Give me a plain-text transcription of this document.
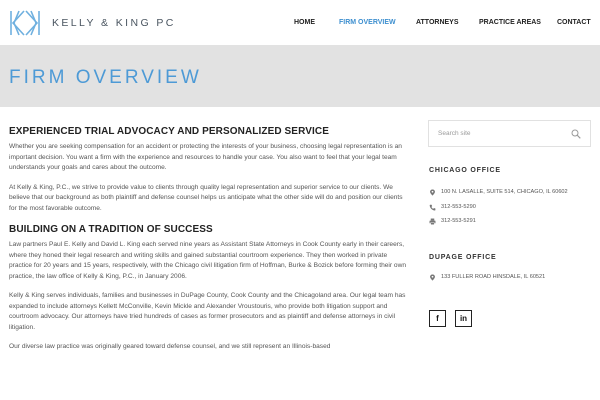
KELLY & KING PC	HOME	FIRM OVERVIEW	ATTORNEYS	PRACTICE AREAS CONTACT
FIRM OVERVIEW
EXPERIENCED TRIAL ADVOCACY AND PERSONALIZED SERVICE

Whether you are seeking compensation for an accident or protecting the interests of your business, choosing legal representation is an important decision. You want a firm with the experience and resources to handle your case. You also want to feel that your legal team understands your goals and cares about the outcome.

At Kelly & King, P.C., we strive to provide value to clients through quality legal representation and superior service to our clients. We believe that our background as both plaintiff and defense counsel helps us anticipate what the other side will do and position our clients for the most favorable outcome.

BUILDING ON A TRADITION OF SUCCESS

Law partners Paul E. Kelly and David L. King each served nine years as Assistant State Attorneys in Cook County early in their careers, where they honed their legal research and writing skills and gained substantial courtroom experience. They then worked in private practice for 20 years and 15 years, respectively, with the Chicago civil litigation firm of Hoffman, Burke & Bozick before forming their own practice, the law office of Kelly & King, P.C., in January 2006.

Kelly & King serves individuals, families and businesses in DuPage County, Cook County and the Chicagoland area. Our legal team has expanded to include attorneys Kellett McConville, Kevin Mickle and Alexander Vroustouris, who provide both litigation support and courtroom advocacy. Our attorneys have tried hundreds of cases as former prosecutors and as plaintiff and defense attorneys in civil litigation.

Our diverse law practice was originally geared toward defense counsel, and we still represent an Illinois-based

Search site
CHICAGO OFFICE
100 N. LASALLE, SUITE 514, CHICAGO, IL 60602
312-553-5290
312-553-5291
DUPAGE OFFICE
133 FULLER ROAD HINSDALE, IL 60521
f	in
